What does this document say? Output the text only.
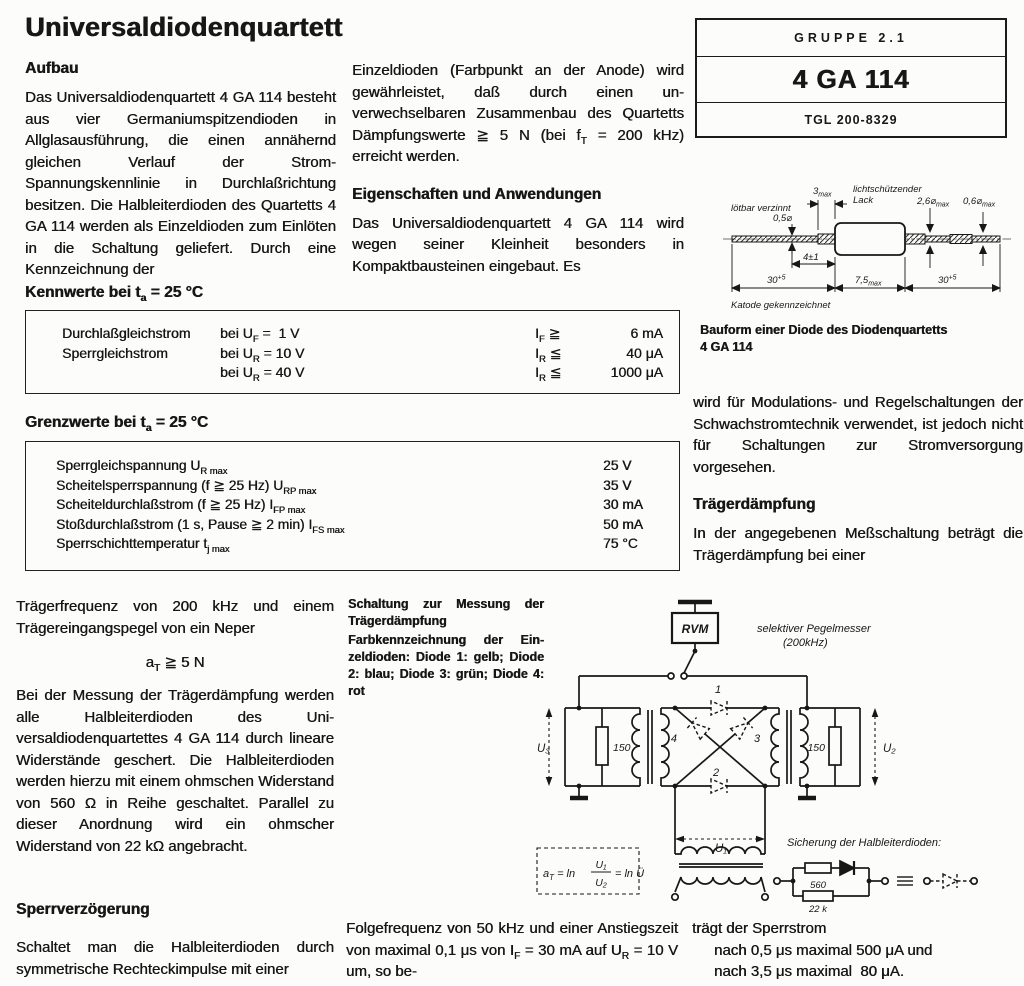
Universaldiodenquartett
Aufbau

Das Universaldiodenquartett 4 GA 114 besteht aus vier Germaniumspitzendioden in Allglasausführung, die einen annähernd gleichen Verlauf der Strom-Spannungskennlinie in Durchlaßrichtung besitzen. Die Halbleiterdioden des Quartetts 4 GA 114 werden als Einzeldioden zum Einlöten in die Schaltung geliefert. Durch eine Kennzeichnung der

Einzeldioden (Farbpunkt an der Anode) wird gewährleistet, daß durch einen unverwechselbaren Zusammenbau des Quartetts Dämpfungswerte ≧ 5 N (bei $f_T = 200$ kHz) erreicht werden.

Eigenschaften und Anwendungen

Das Universaldiodenquartett 4 GA 114 wird wegen seiner Kleinheit besonders in Kompaktbausteinen eingebaut. Es

GRUPPE 2.1
4 GA 114
TGL 200-8329
$3_{max}$ lichtschützender
Lack
lötbar verzinnt
0,5⌀
$2,6⌀_{max}$ $0,6⌀_{max}$
4±1
$30^{+5}$	$7,5_{max}$	$30^{+5}$
Katode gekennzeichnet
Bauform einer Diode des Diodenquartetts
4 GA 114
Kennwerte bei $t_a = 25$ °C
Durchlaßgleichstrom	bei $U_F = 1$ V	$I_F$ ≧	6 mA
Sperrgleichstrom	bei $U_R = 10$ V	$I_R$ ≦	40 μA
bei $U_R = 40$ V	$I_R$ ≦	1000 μA
Grenzwerte bei $t_a = 25$ °C
Sperrgleichspannung $U_{R max}$	25 V
Scheitelsperrspannung (f ≧ 25 Hz) $U_{RP max}$	35 V
Scheiteldurchlaßstrom (f ≧ 25 Hz) $I_{FP max}$	30 mA
Stoßdurchlaßstrom (1 s, Pause ≧ 2 min) $I_{FS max}$	50 mA
Sperrschichttemperatur $t_{j max}$	75 °C

wird für Modulations- und Regelschaltungen der Schwachstromtechnik verwendet, ist jedoch nicht für Schaltungen zur Stromversorgung vorgesehen.

Trägerdämpfung

In der angegebenen Meßschaltung beträgt die Trägerdämpfung bei einer

Trägerfrequenz von 200 kHz und einem Trägereingangspegel von ein Neper

$a_T$ ≧ 5 N

Bei der Messung der Trägerdämpfung werden alle Halbleiterdioden des Universaldiodenquartettes 4 GA 114 durch lineare Widerstände geschert. Die Halbleiterdioden werden hierzu mit einem ohmschen Widerstand von 560 Ω in Reihe geschaltet. Parallel zu dieser Anordnung wird ein ohmscher Widerstand von 22 kΩ angebracht.

Sperrverzögerung

Schaltet man die Halbleiterdioden durch symmetrische Rechteckimpulse mit einer

Schaltung zur Messung der Trägerdämpfung
Farbkennzeichnung der Einzeldioden: Diode 1: gelb; Diode 2: blau; Diode 3: grün; Diode 4: rot
RVM	selektiver Pegelmesser
(200kHz)
U₃	150	150	U₂
U₁
1
2
3
4
$a_T = \ln$
U₁
U₂
= ln Ü
Sicherung der Halbleiterdioden:
560
22 k

Folgefrequenz von 50 kHz und einer Anstiegszeit von maximal 0,1 μs von $I_F = 30$ mA auf $U_R = 10$ V um, so be-

trägt der Sperrstrom
nach 0,5 μs maximal 500 μA und
nach 3,5 μs maximal  80 μA.
